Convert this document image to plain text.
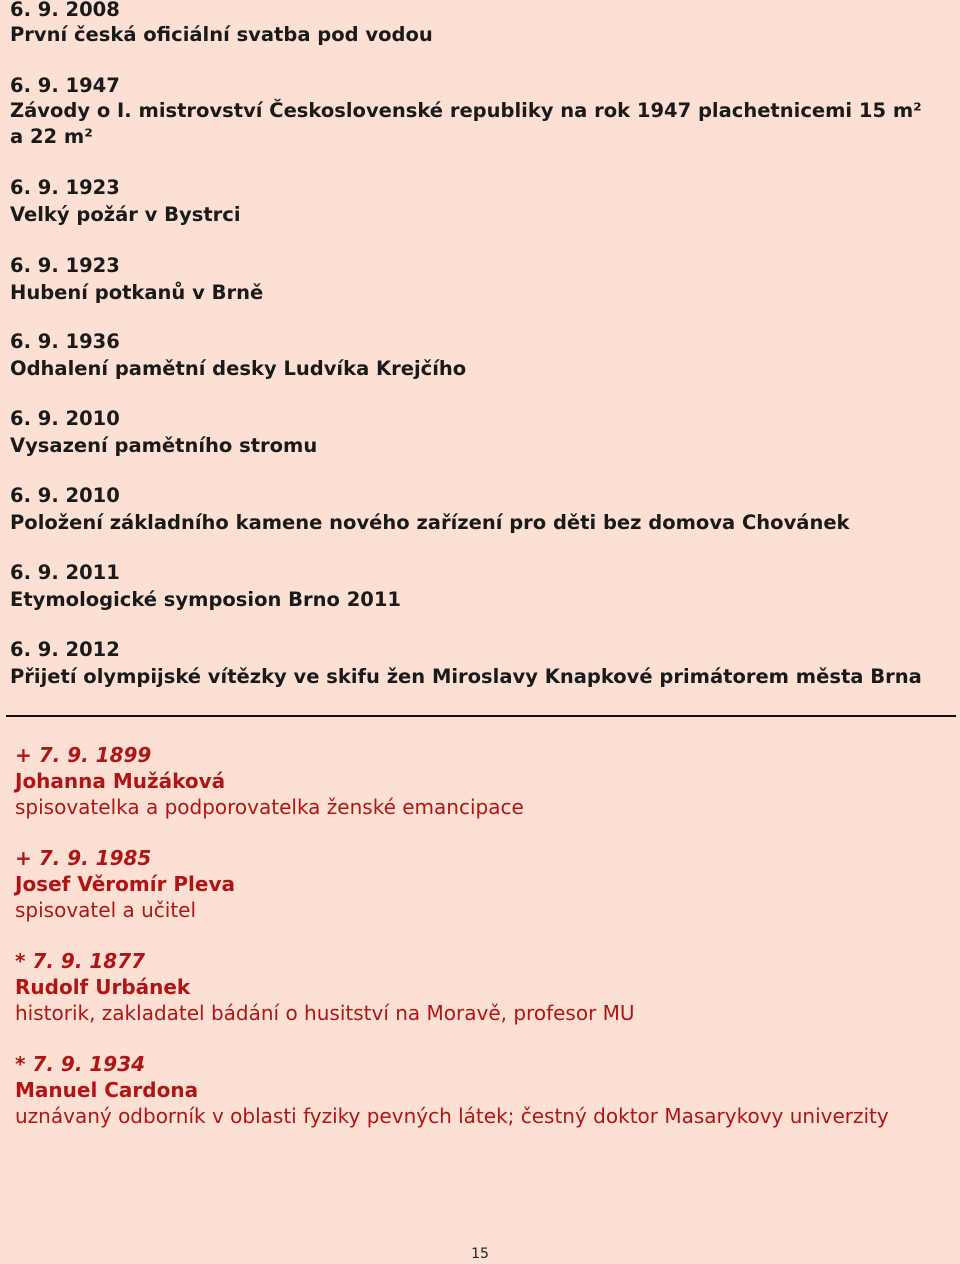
6. 9. 2008
První česká oficiální svatba pod vodou
6. 9. 1947
Závody o I. mistrovství Československé republiky na rok 1947 plachetnicemi 15 m² a 22 m²
6. 9. 1923
Velký požár v Bystrci
6. 9. 1923
Hubení potkanů v Brně
6. 9. 1936
Odhalení pamětní desky Ludvíka Krejčího
6. 9. 2010
Vysazení pamětního stromu
6. 9. 2010
Položení základního kamene nového zařízení pro děti bez domova Chovánek
6. 9. 2011
Etymologické symposion Brno 2011
6. 9. 2012
Přijetí olympijské vítězky ve skifu žen Miroslavy Knapkové primátorem města Brna
+ 7. 9. 1899
Johanna Mužáková
spisovatelka a podporovatelka ženské emancipace
+ 7. 9. 1985
Josef Věromír Pleva
spisovatel a učitel
* 7. 9. 1877
Rudolf Urbánek
historik, zakladatel bádání o husitství na Moravě, profesor MU
* 7. 9. 1934
Manuel Cardona
uznávaný odborník v oblasti fyziky pevných látek; čestný doktor Masarykovy univerzity
15
